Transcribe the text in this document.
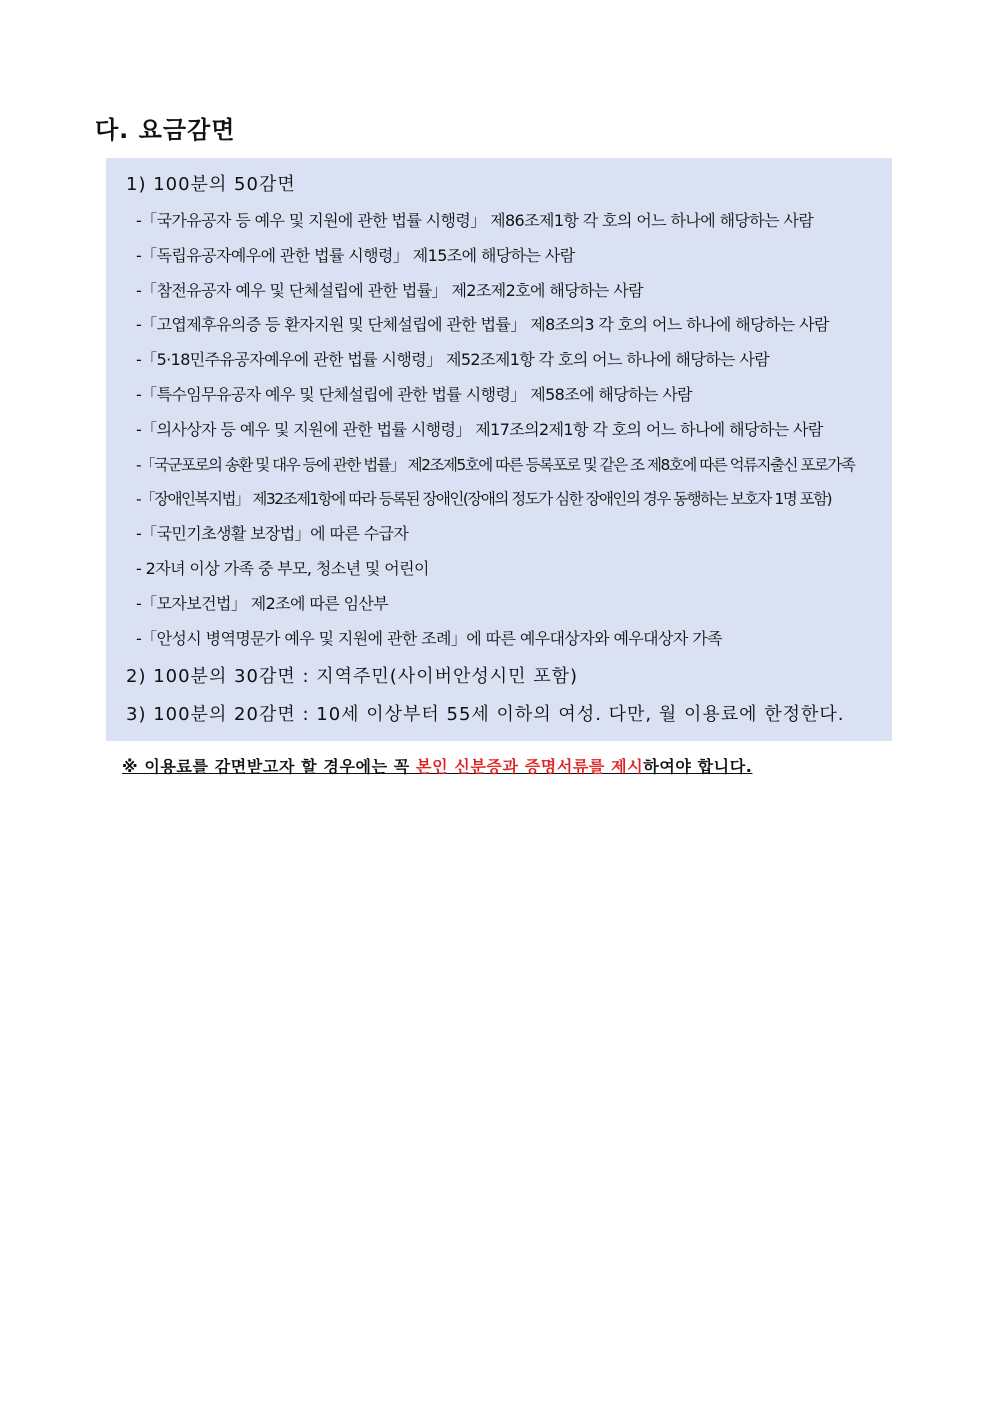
다. 요금감면
1) 100분의 50감면
-「국가유공자 등 예우 및 지원에 관한 법률 시행령」 제86조제1항 각 호의 어느 하나에 해당하는 사람
-「독립유공자예우에 관한 법률 시행령」 제15조에 해당하는 사람
-「참전유공자 예우 및 단체설립에 관한 법률」 제2조제2호에 해당하는 사람
-「고엽제후유의증 등 환자지원 및 단체설립에 관한 법률」 제8조의3 각 호의 어느 하나에 해당하는 사람
-「5·18민주유공자예우에 관한 법률 시행령」 제52조제1항 각 호의 어느 하나에 해당하는 사람
-「특수임무유공자 예우 및 단체설립에 관한 법률 시행령」 제58조에 해당하는 사람
-「의사상자 등 예우 및 지원에 관한 법률 시행령」 제17조의2제1항 각 호의 어느 하나에 해당하는 사람
-「국군포로의 송환 및 대우 등에 관한 법률」 제2조제5호에 따른 등록포로 및 같은 조 제8호에 따른 억류지출신 포로가족
-「장애인복지법」 제32조제1항에 따라 등록된 장애인(장애의 정도가 심한 장애인의 경우 동행하는 보호자 1명 포함)
-「국민기초생활 보장법」에 따른 수급자
- 2자녀 이상 가족 중 부모, 청소년 및 어린이
-「모자보건법」 제2조에 따른 임산부
-「안성시 병역명문가 예우 및 지원에 관한 조례」에 따른 예우대상자와 예우대상자 가족
2) 100분의 30감면 : 지역주민(사이버안성시민 포함)
3) 100분의 20감면 : 10세 이상부터 55세 이하의 여성. 다만, 월 이용료에 한정한다.
※ 이용료를 감면받고자 할 경우에는 꼭 본인 신분증과 증명서류를 제시하여야 합니다.
